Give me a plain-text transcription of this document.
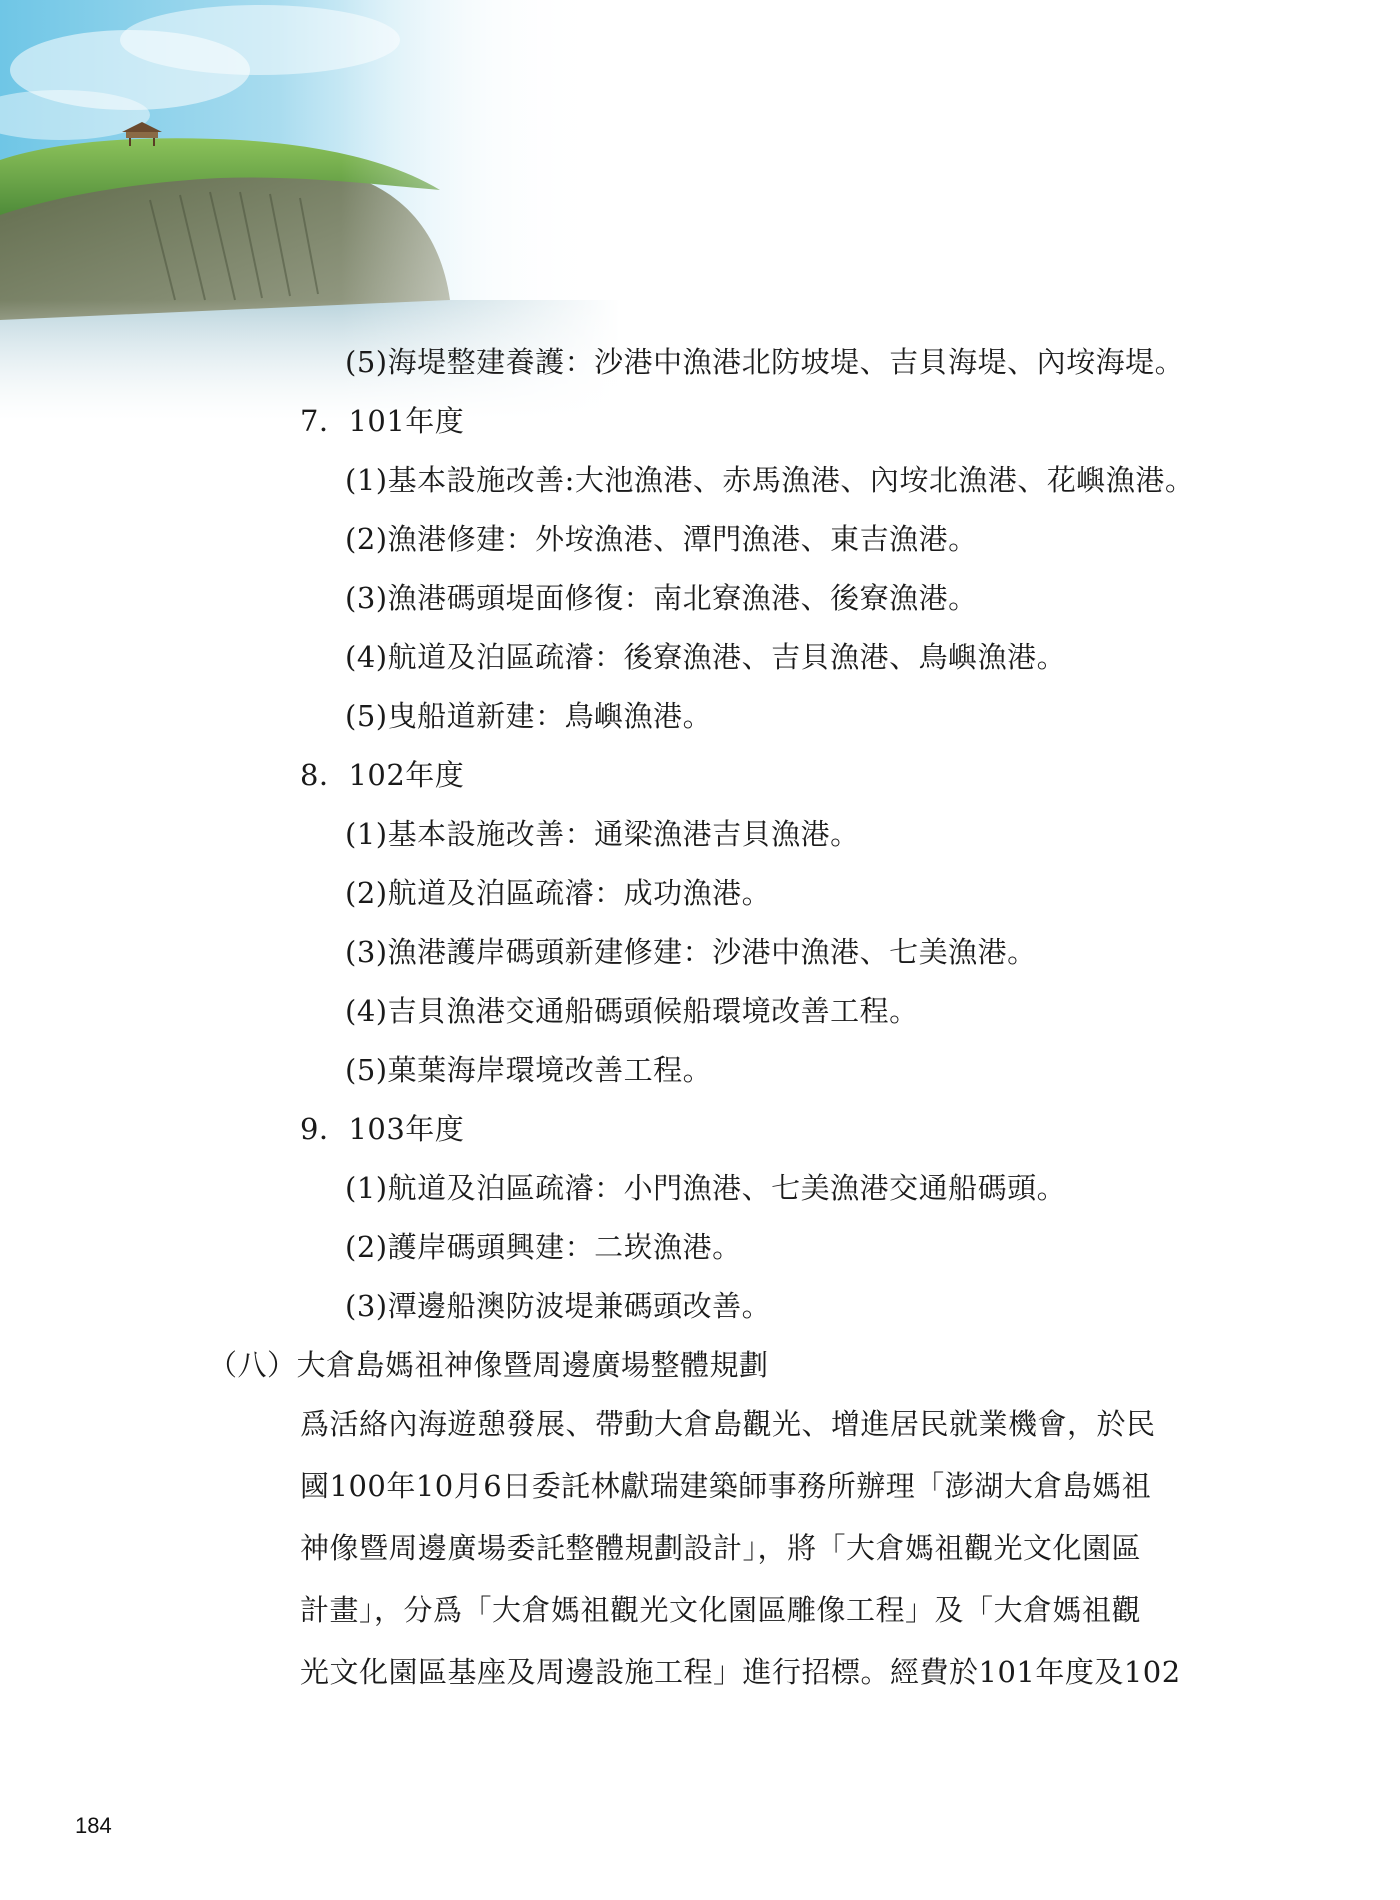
(5)海堤整建養護：沙港中漁港北防坡堤、吉貝海堤、內垵海堤。
7．101年度
(1)基本設施改善:大池漁港、赤馬漁港、內垵北漁港、花嶼漁港。
(2)漁港修建：外垵漁港、潭門漁港、東吉漁港。
(3)漁港碼頭堤面修復：南北寮漁港、後寮漁港。
(4)航道及泊區疏濬：後寮漁港、吉貝漁港、鳥嶼漁港。
(5)曳船道新建：鳥嶼漁港。
8．102年度
(1)基本設施改善：通梁漁港吉貝漁港。
(2)航道及泊區疏濬：成功漁港。
(3)漁港護岸碼頭新建修建：沙港中漁港、七美漁港。
(4)吉貝漁港交通船碼頭候船環境改善工程。
(5)菓葉海岸環境改善工程。
9．103年度
(1)航道及泊區疏濬：小門漁港、七美漁港交通船碼頭。
(2)護岸碼頭興建：二崁漁港。
(3)潭邊船澳防波堤兼碼頭改善。
（八）大倉島媽祖神像暨周邊廣場整體規劃
爲活絡內海遊憩發展、帶動大倉島觀光、增進居民就業機會，於民
國100年10月6日委託林獻瑞建築師事務所辦理「澎湖大倉島媽祖
神像暨周邊廣場委託整體規劃設計」，將「大倉媽祖觀光文化園區
計畫」，分爲「大倉媽祖觀光文化園區雕像工程」及「大倉媽祖觀
光文化園區基座及周邊設施工程」進行招標。經費於101年度及102
184
